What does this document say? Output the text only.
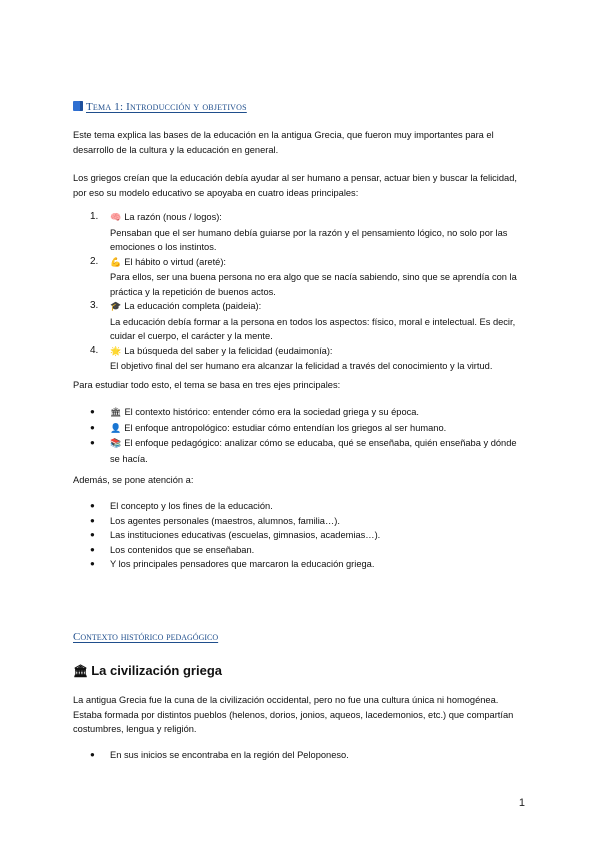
Tema 1: Introducción y objetivos
Este tema explica las bases de la educación en la antigua Grecia, que fueron muy importantes para el desarrollo de la cultura y la educación en general.
Los griegos creían que la educación debía ayudar al ser humano a pensar, actuar bien y buscar la felicidad, por eso su modelo educativo se apoyaba en cuatro ideas principales:
1.	🧠 La razón (nous / logos):
Pensaban que el ser humano debía guiarse por la razón y el pensamiento lógico, no solo por las emociones o los instintos.
2.	💪 El hábito o virtud (areté):
Para ellos, ser una buena persona no era algo que se nacía sabiendo, sino que se aprendía con la práctica y la repetición de buenos actos.
3.	🎓 La educación completa (paideia):
La educación debía formar a la persona en todos los aspectos: físico, moral e intelectual. Es decir, cuidar el cuerpo, el carácter y la mente.
4.	🌟 La búsqueda del saber y la felicidad (eudaimonía):
El objetivo final del ser humano era alcanzar la felicidad a través del conocimiento y la virtud.
Para estudiar todo esto, el tema se basa en tres ejes principales:
● 🏛 El contexto histórico: entender cómo era la sociedad griega y su época.
● 👤 El enfoque antropológico: estudiar cómo entendían los griegos al ser humano.
● 📚 El enfoque pedagógico: analizar cómo se educaba, qué se enseñaba, quién enseñaba y dónde se hacía.
Además, se pone atención a:
● El concepto y los fines de la educación.
● Los agentes personales (maestros, alumnos, familia…).
● Las instituciones educativas (escuelas, gimnasios, academias…).
● Los contenidos que se enseñaban.
● Y los principales pensadores que marcaron la educación griega.
Contexto histórico pedagógico
🏛 La civilización griega
La antigua Grecia fue la cuna de la civilización occidental, pero no fue una cultura única ni homogénea. Estaba formada por distintos pueblos (helenos, dorios, jonios, aqueos, lacedemonios, etc.) que compartían costumbres, lengua y religión.
● En sus inicios se encontraba en la región del Peloponeso.
1
